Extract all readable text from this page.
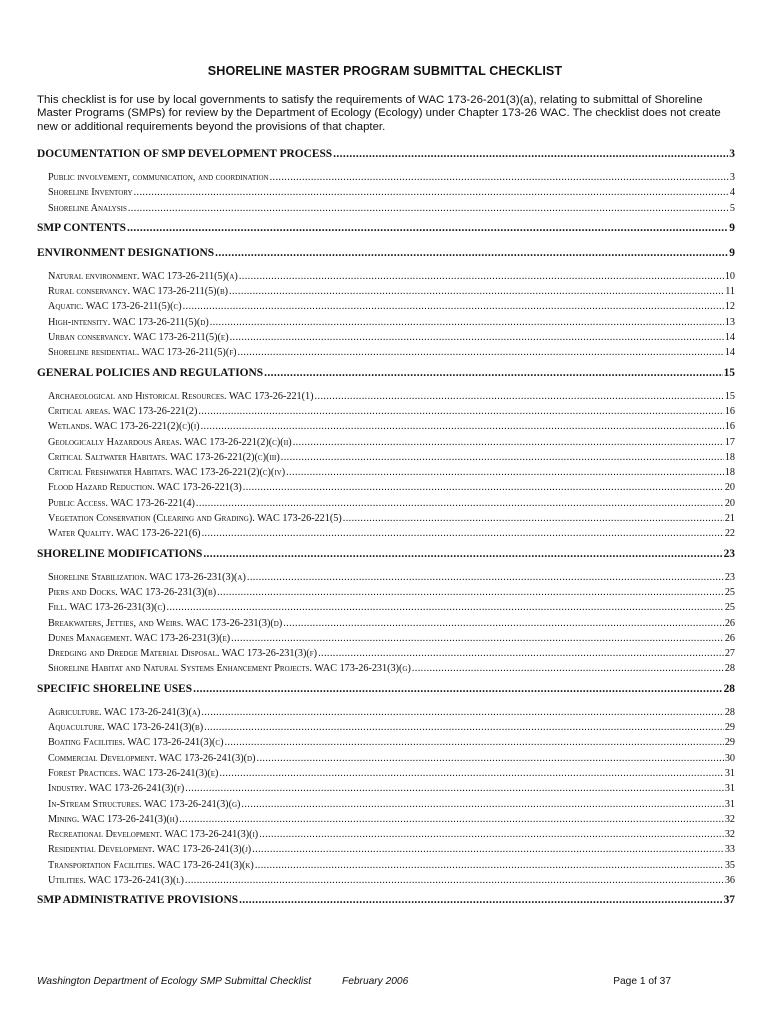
SHORELINE MASTER PROGRAM SUBMITTAL CHECKLIST
This checklist is for use by local governments to satisfy the requirements of WAC 173-26-201(3)(a), relating to submittal of Shoreline Master Programs (SMPs) for review by the Department of Ecology (Ecology) under Chapter 173-26 WAC. The checklist does not create new or additional requirements beyond the provisions of that chapter.
DOCUMENTATION OF SMP DEVELOPMENT PROCESS .....	3
Public involvement, communication, and coordination .....	3
Shoreline Inventory .....	4
Shoreline Analysis .....	5
SMP CONTENTS .....	9
ENVIRONMENT DESIGNATIONS .....	9
Natural environment. WAC 173-26-211(5)(a) .....	10
Rural conservancy. WAC 173-26-211(5)(b) .....	11
Aquatic. WAC 173-26-211(5)(c) .....	12
High-intensity. WAC 173-26-211(5)(d) .....	13
Urban conservancy. WAC 173-26-211(5)(e) .....	14
Shoreline residential. WAC 173-26-211(5)(f) .....	14
GENERAL POLICIES AND REGULATIONS .....	15
Archaeological and Historical Resources. WAC 173-26-221(1) .....	15
Critical areas. WAC 173-26-221(2) .....	16
Wetlands. WAC 173-26-221(2)(c)(i) .....	16
Geologically Hazardous Areas. WAC 173-26-221(2)(c)(ii) .....	17
Critical Saltwater Habitats. WAC 173-26-221(2)(c)(iii) .....	18
Critical Freshwater Habitats. WAC 173-26-221(2)(c)(iv) .....	18
Flood Hazard Reduction. WAC 173-26-221(3) .....	20
Public Access. WAC 173-26-221(4) .....	20
Vegetation Conservation (Clearing and Grading). WAC 173-26-221(5) .....	21
Water Quality. WAC 173-26-221(6) .....	22
SHORELINE MODIFICATIONS .....	23
Shoreline Stabilization. WAC 173-26-231(3)(a) .....	23
Piers and Docks. WAC 173-26-231(3)(b) .....	25
Fill. WAC 173-26-231(3)(c) .....	25
Breakwaters, Jetties, and Weirs. WAC 173-26-231(3)(d) .....	26
Dunes Management. WAC 173-26-231(3)(e) .....	26
Dredging and Dredge Material Disposal. WAC 173-26-231(3)(f) .....	27
Shoreline Habitat and Natural Systems Enhancement Projects. WAC 173-26-231(3)(g) .....	28
SPECIFIC SHORELINE USES .....	28
Agriculture. WAC 173-26-241(3)(a) .....	28
Aquaculture. WAC 173-26-241(3)(b) .....	29
Boating Facilities. WAC 173-26-241(3)(c) .....	29
Commercial Development. WAC 173-26-241(3)(d) .....	30
Forest Practices. WAC 173-26-241(3)(e) .....	31
Industry. WAC 173-26-241(3)(f) .....	31
In-Stream Structures. WAC 173-26-241(3)(g) .....	31
Mining. WAC 173-26-241(3)(h) .....	32
Recreational Development. WAC 173-26-241(3)(i) .....	32
Residential Development. WAC 173-26-241(3)(j) .....	33
Transportation Facilities. WAC 173-26-241(3)(k) .....	35
Utilities. WAC 173-26-241(3)(l) .....	36
SMP ADMINISTRATIVE PROVISIONS .....	37
Washington Department of Ecology SMP Submittal Checklist	February 2006	Page 1 of 37
